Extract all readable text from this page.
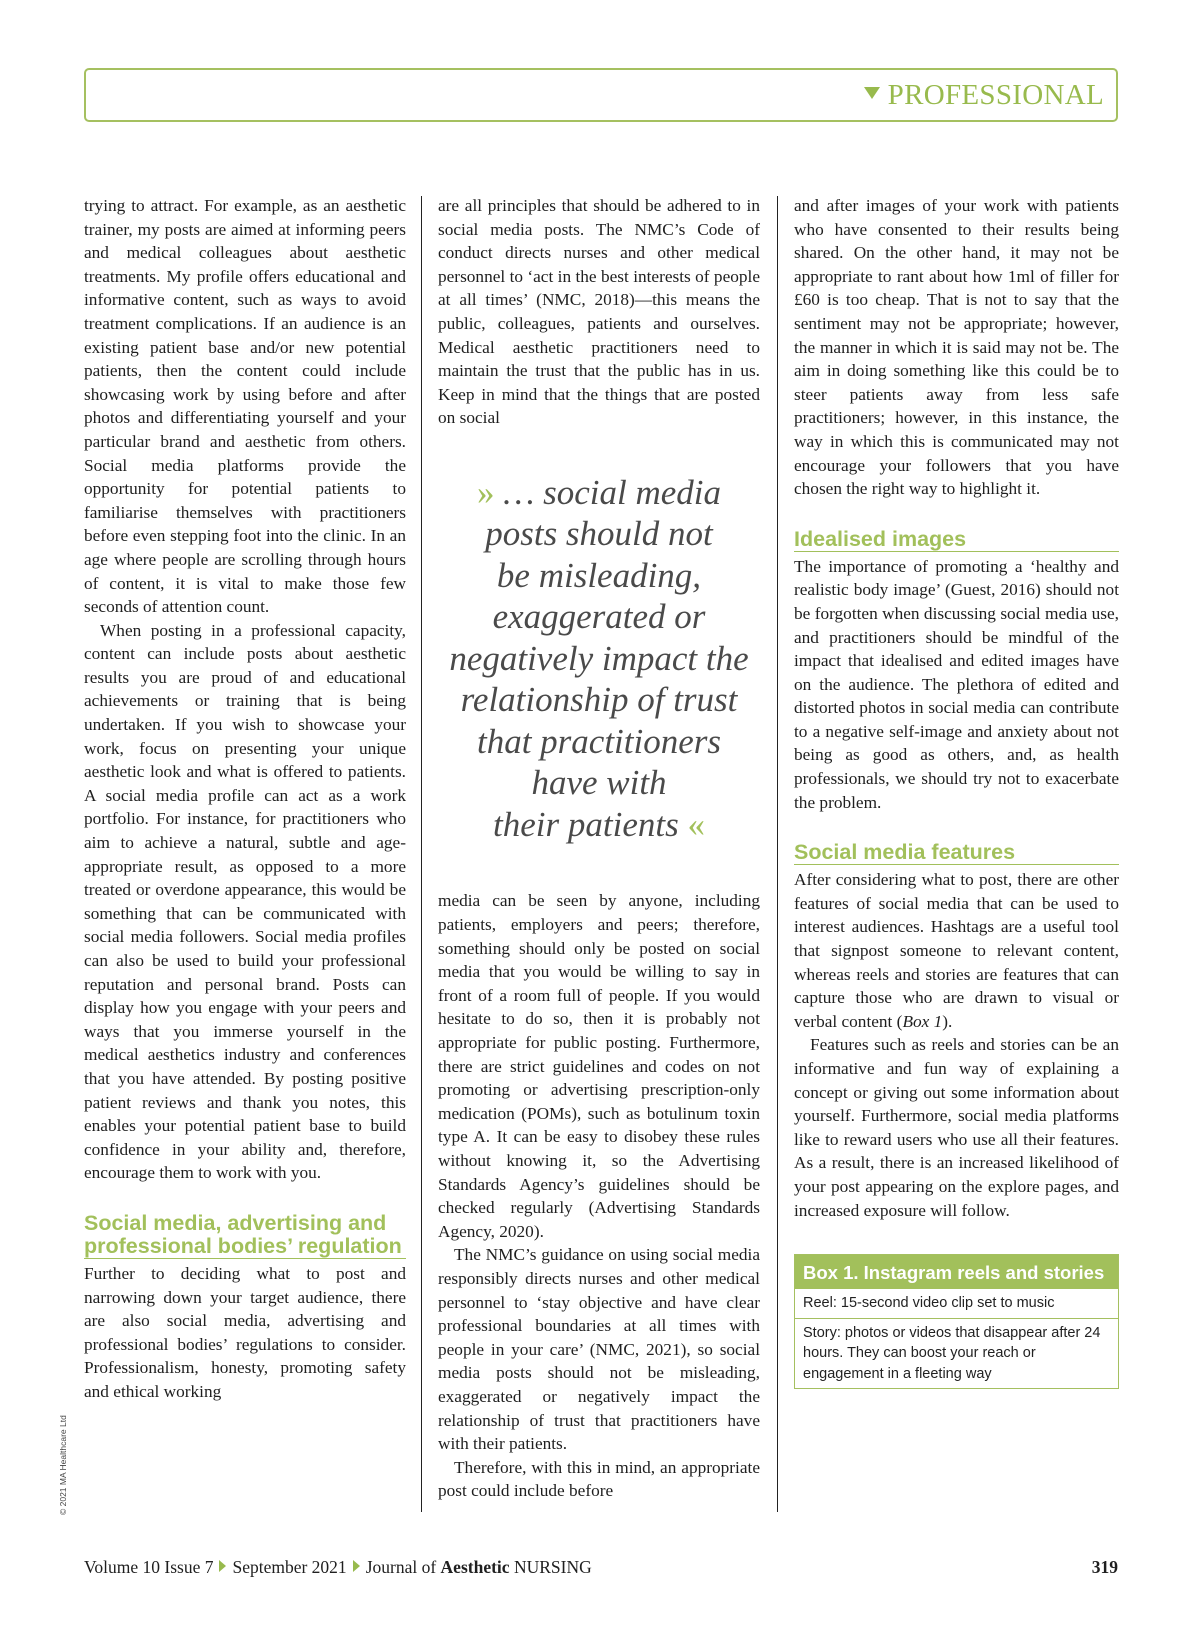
PROFESSIONAL

trying to attract. For example, as an aesthetic trainer, my posts are aimed at informing peers and medical colleagues about aesthetic treatments. My profile offers educational and informative content, such as ways to avoid treatment complications. If an audience is an existing patient base and/or new potential patients, then the content could include showcasing work by using before and after photos and differentiating yourself and your particular brand and aesthetic from others. Social media platforms provide the opportunity for potential patients to familiarise themselves with practitioners before even stepping foot into the clinic. In an age where people are scrolling through hours of content, it is vital to make those few seconds of attention count.

When posting in a professional capacity, content can include posts about aesthetic results you are proud of and educational achievements or training that is being undertaken. If you wish to showcase your work, focus on presenting your unique aesthetic look and what is offered to patients. A social media profile can act as a work portfolio. For instance, for practitioners who aim to achieve a natural, subtle and age-appropriate result, as opposed to a more treated or overdone appearance, this would be something that can be communicated with social media followers. Social media profiles can also be used to build your professional reputation and personal brand. Posts can display how you engage with your peers and ways that you immerse yourself in the medical aesthetics industry and conferences that you have attended. By posting positive patient reviews and thank you notes, this enables your potential patient base to build confidence in your ability and, therefore, encourage them to work with you.

Social media, advertising and professional bodies’ regulation

Further to deciding what to post and narrowing down your target audience, there are also social media, advertising and professional bodies’ regulations to consider. Professionalism, honesty, promoting safety and ethical working

are all principles that should be adhered to in social media posts. The NMC’s Code of conduct directs nurses and other medical personnel to ‘act in the best interests of people at all times’ (NMC, 2018)—this means the public, colleagues, patients and ourselves. Medical aesthetic practitioners need to maintain the trust that the public has in us. Keep in mind that the things that are posted on social

» … social media
posts should not
be misleading,
exaggerated or
negatively impact the
relationship of trust
that practitioners
have with
their patients «

media can be seen by anyone, including patients, employers and peers; therefore, something should only be posted on social media that you would be willing to say in front of a room full of people. If you would hesitate to do so, then it is probably not appropriate for public posting. Furthermore, there are strict guidelines and codes on not promoting or advertising prescription-only medication (POMs), such as botulinum toxin type A. It can be easy to disobey these rules without knowing it, so the Advertising Standards Agency’s guidelines should be checked regularly (Advertising Standards Agency, 2020).

The NMC’s guidance on using social media responsibly directs nurses and other medical personnel to ‘stay objective and have clear professional boundaries at all times with people in your care’ (NMC, 2021), so social media posts should not be misleading, exaggerated or negatively impact the relationship of trust that practitioners have with their patients.

Therefore, with this in mind, an appropriate post could include before

and after images of your work with patients who have consented to their results being shared. On the other hand, it may not be appropriate to rant about how 1ml of filler for £60 is too cheap. That is not to say that the sentiment may not be appropriate; however, the manner in which it is said may not be. The aim in doing something like this could be to steer patients away from less safe practitioners; however, in this instance, the way in which this is communicated may not encourage your followers that you have chosen the right way to highlight it.

Idealised images

The importance of promoting a ‘healthy and realistic body image’ (Guest, 2016) should not be forgotten when discussing social media use, and practitioners should be mindful of the impact that idealised and edited images have on the audience. The plethora of edited and distorted photos in social media can contribute to a negative self-image and anxiety about not being as good as others, and, as health professionals, we should try not to exacerbate the problem.

Social media features

After considering what to post, there are other features of social media that can be used to interest audiences. Hashtags are a useful tool that signpost someone to relevant content, whereas reels and stories are features that can capture those who are drawn to visual or verbal content (Box 1).

Features such as reels and stories can be an informative and fun way of explaining a concept or giving out some information about yourself. Furthermore, social media platforms like to reward users who use all their features. As a result, there is an increased likelihood of your post appearing on the explore pages, and increased exposure will follow.

Box 1. Instagram reels and stories
Reel: 15-second video clip set to music
Story: photos or videos that disappear after 24 hours. They can boost your reach or engagement in a fleeting way
© 2021 MA Healthcare Ltd
Volume 10 Issue 7 September 2021 Journal of Aesthetic NURSING	319
